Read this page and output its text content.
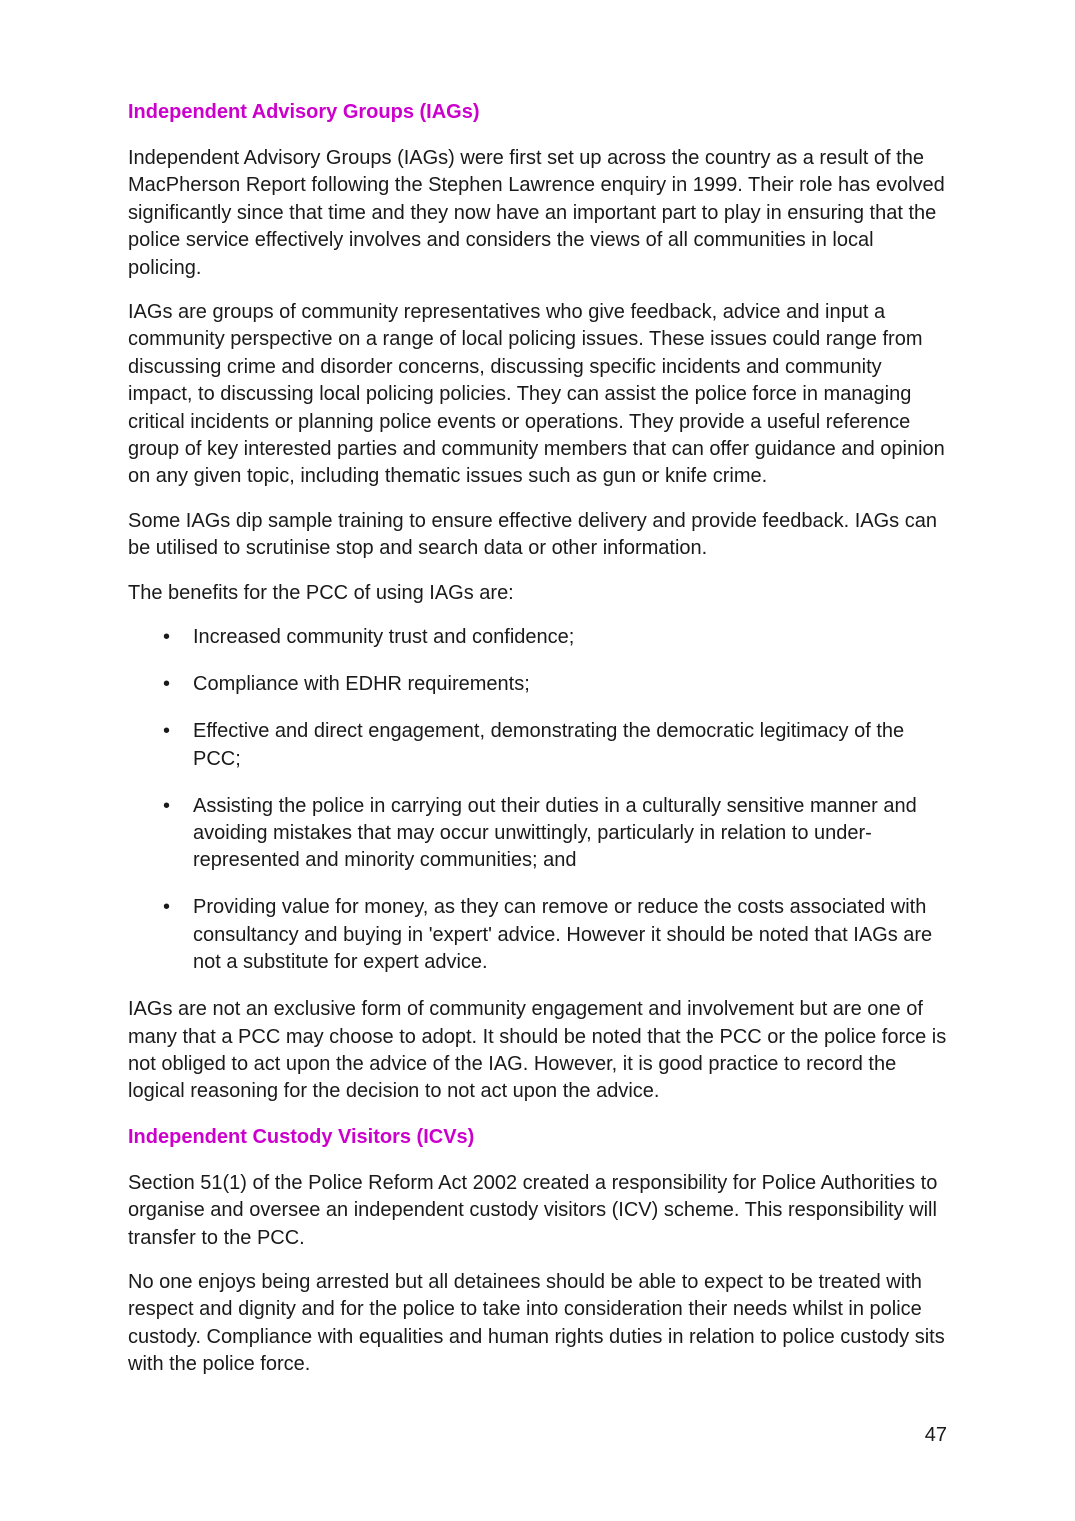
Independent Advisory Groups (IAGs)

Independent Advisory Groups (IAGs) were first set up across the country as a result of the MacPherson Report following the Stephen Lawrence enquiry in 1999. Their role has evolved significantly since that time and they now have an important part to play in ensuring that the police service effectively involves and considers the views of all communities in local policing.

IAGs are groups of community representatives who give feedback, advice and input a community perspective on a range of local policing issues. These issues could range from discussing crime and disorder concerns, discussing specific incidents and community impact, to discussing local policing policies. They can assist the police force in managing critical incidents or planning police events or operations. They provide a useful reference group of key interested parties and community members that can offer guidance and opinion on any given topic, including thematic issues such as gun or knife crime.

Some IAGs dip sample training to ensure effective delivery and provide feedback. IAGs can be utilised to scrutinise stop and search data or other information.

The benefits for the PCC of using IAGs are:

• Increased community trust and confidence;
• Compliance with EDHR requirements;
• Effective and direct engagement, demonstrating the democratic legitimacy of the PCC;
• Assisting the police in carrying out their duties in a culturally sensitive manner and avoiding mistakes that may occur unwittingly, particularly in relation to under-represented and minority communities; and
• Providing value for money, as they can remove or reduce the costs associated with consultancy and buying in 'expert' advice. However it should be noted that IAGs are not a substitute for expert advice.

IAGs are not an exclusive form of community engagement and involvement but are one of many that a PCC may choose to adopt. It should be noted that the PCC or the police force is not obliged to act upon the advice of the IAG. However, it is good practice to record the logical reasoning for the decision to not act upon the advice.

Independent Custody Visitors (ICVs)

Section 51(1) of the Police Reform Act 2002 created a responsibility for Police Authorities to organise and oversee an independent custody visitors (ICV) scheme. This responsibility will transfer to the PCC.

No one enjoys being arrested but all detainees should be able to expect to be treated with respect and dignity and for the police to take into consideration their needs whilst in police custody. Compliance with equalities and human rights duties in relation to police custody sits with the police force.

47
